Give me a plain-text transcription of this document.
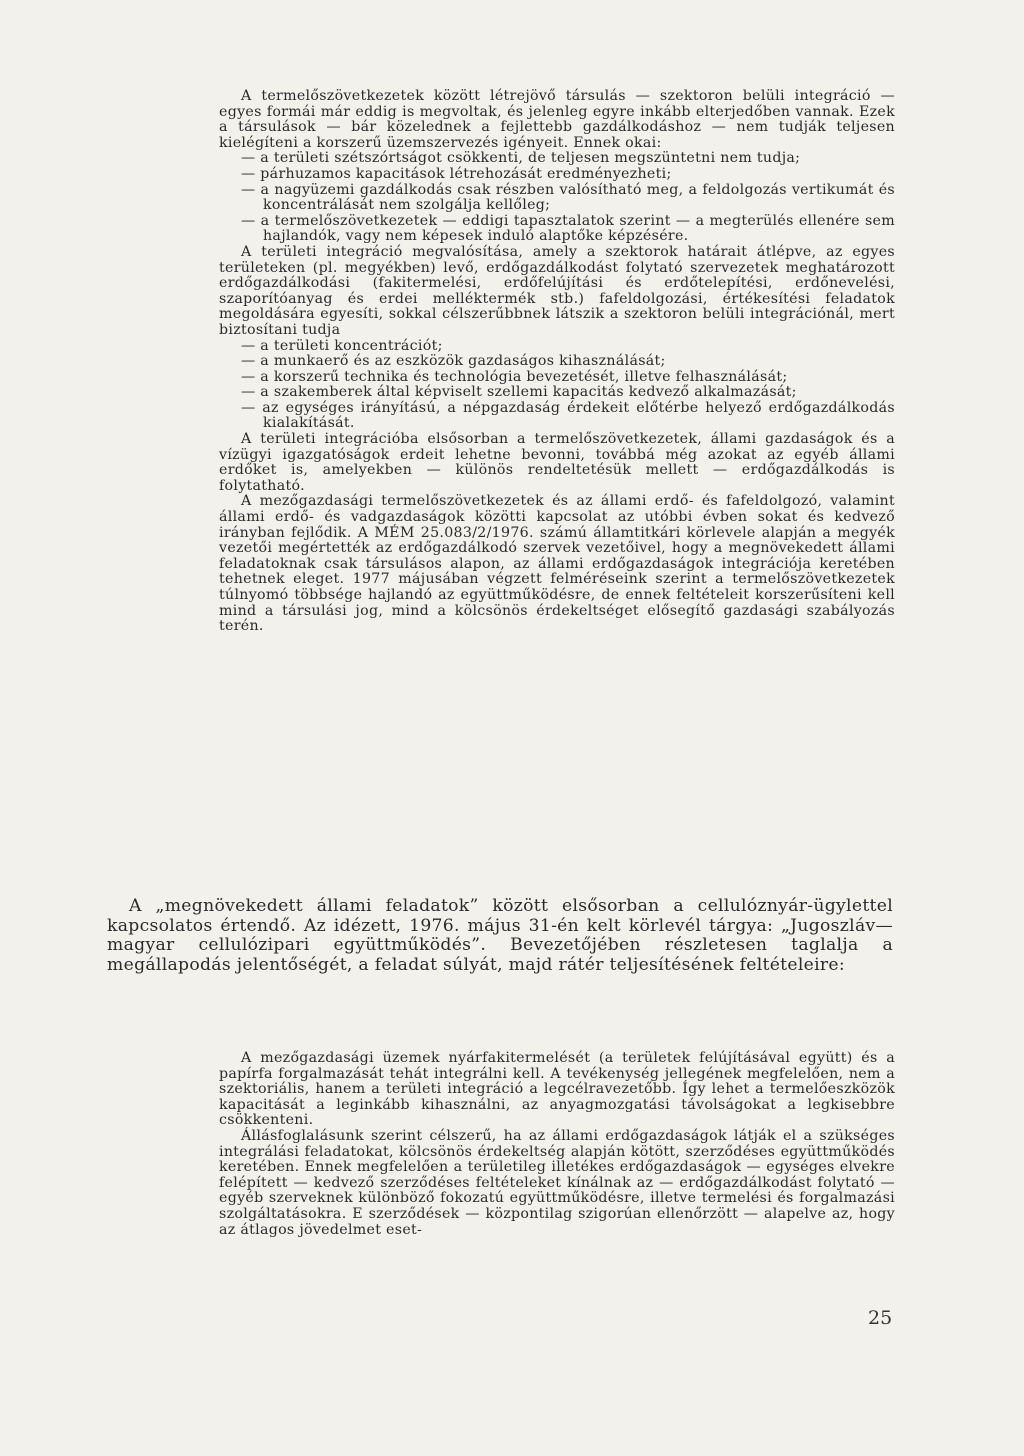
A termelőszövetkezetek között létrejövő társulás — szektoron belüli integráció — egyes formái már eddig is megvoltak, és jelenleg egyre inkább elterjedőben vannak. Ezek a társulások — bár közelednek a fejlettebb gazdálkodáshoz — nem tudják teljesen kielégíteni a korszerű üzemszervezés igényeit. Ennek okai:

— a területi szétszórtságot csökkenti, de teljesen megszüntetni nem tudja;

— párhuzamos kapacitások létrehozását eredményezheti;

— a nagyüzemi gazdálkodás csak részben valósítható meg, a feldolgozás vertikumát és koncentrálását nem szolgálja kellőleg;

— a termelőszövetkezetek — eddigi tapasztalatok szerint — a megterülés ellenére sem hajlandók, vagy nem képesek induló alaptőke képzésére.

A területi integráció megvalósítása, amely a szektorok határait átlépve, az egyes területeken (pl. megyékben) levő, erdőgazdálkodást folytató szervezetek meghatározott erdőgazdálkodási (fakitermelési, erdőfelújítási és erdőtelepítési, erdőnevelési, szaporítóanyag és erdei melléktermék stb.) fafeldolgozási, értékesítési feladatok megoldására egyesíti, sokkal célszerűbbnek látszik a szektoron belüli integrációnál, mert biztosítani tudja

— a területi koncentrációt;

— a munkaerő és az eszközök gazdaságos kihasználását;

— a korszerű technika és technológia bevezetését, illetve felhasználását;

— a szakemberek által képviselt szellemi kapacitás kedvező alkalmazását;

— az egységes irányítású, a népgazdaság érdekeit előtérbe helyező erdőgazdálkodás kialakítását.

A területi integrációba elsősorban a termelőszövetkezetek, állami gazdaságok és a vízügyi igazgatóságok erdeit lehetne bevonni, továbbá még azokat az egyéb állami erdőket is, amelyekben — különös rendeltetésük mellett — erdőgazdálkodás is folytatható.

A mezőgazdasági termelőszövetkezetek és az állami erdő- és fafeldolgozó, valamint állami erdő- és vadgazdaságok közötti kapcsolat az utóbbi évben sokat és kedvező irányban fejlődik. A MÉM 25.083/2/1976. számú államtitkári körlevele alapján a megyék vezetői megértették az erdőgazdálkodó szervek vezetőivel, hogy a megnövekedett állami feladatoknak csak társulásos alapon, az állami erdőgazdaságok integrációja keretében tehetnek eleget. 1977 májusában végzett felméréseink szerint a termelőszövetkezetek túlnyomó többsége hajlandó az együttműködésre, de ennek feltételeit korszerűsíteni kell mind a társulási jog, mind a kölcsönös érdekeltséget elősegítő gazdasági szabályozás terén.

A „megnövekedett állami feladatok” között elsősorban a cellulóznyár-ügylettel kapcsolatos értendő. Az idézett, 1976. május 31-én kelt körlevél tárgya: „Jugoszláv—magyar cellulózipari együttműködés”. Bevezetőjében részletesen taglalja a megállapodás jelentőségét, a feladat súlyát, majd rátér teljesítésének feltételeire:

A mezőgazdasági üzemek nyárfakitermelését (a területek felújításával együtt) és a papírfa forgalmazását tehát integrálni kell. A tevékenység jellegének megfelelően, nem a szektoriális, hanem a területi integráció a legcélravezetőbb. Így lehet a termelőeszközök kapacitását a leginkább kihasználni, az anyagmozgatási távolságokat a legkisebbre csökkenteni.

Állásfoglalásunk szerint célszerű, ha az állami erdőgazdaságok látják el a szükséges integrálási feladatokat, kölcsönös érdekeltség alapján kötött, szerződéses együttműködés keretében. Ennek megfelelően a területileg illetékes erdőgazdaságok — egységes elvekre felépített — kedvező szerződéses feltételeket kínálnak az — erdőgazdálkodást folytató — egyéb szerveknek különböző fokozatú együttműködésre, illetve termelési és forgalmazási szolgáltatásokra. E szerződések — központilag szigorúan ellenőrzött — alapelve az, hogy az átlagos jövedelmet eset-

25
